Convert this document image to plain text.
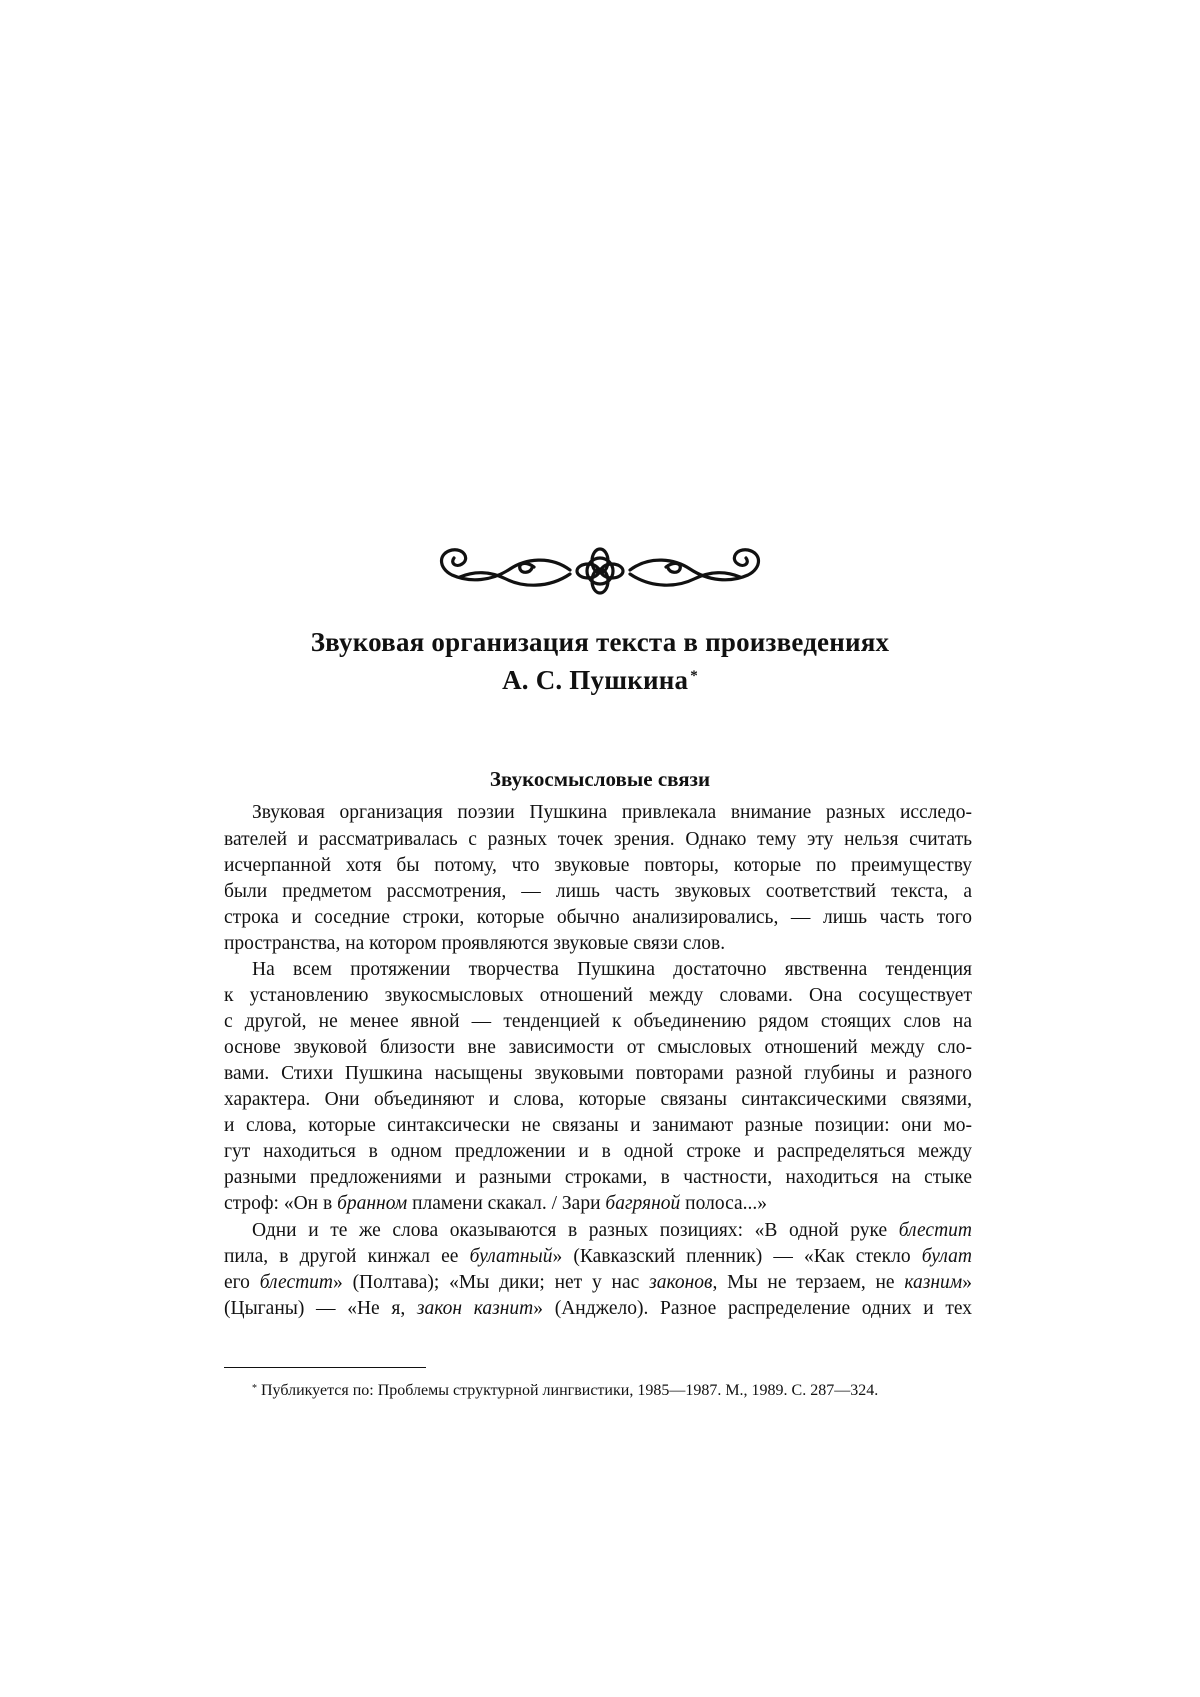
Звуковая организация текста в произведениях
А. С. Пушкина *
Звукосмысловые связи
Звуковая организация поэзии Пушкина привлекала внимание разных исследо-
вателей и рассматривалась с разных точек зрения. Однако тему эту нельзя считать
исчерпанной хотя бы потому, что звуковые повторы, которые по преимуществу
были предметом рассмотрения, — лишь часть звуковых соответствий текста, а
строка и соседние строки, которые обычно анализировались, — лишь часть того
пространства, на котором проявляются звуковые связи слов.
На всем протяжении творчества Пушкина достаточно явственна тенденция
к установлению звукосмысловых отношений между словами. Она сосуществует
с другой, не менее явной — тенденцией к объединению рядом стоящих слов на
основе звуковой близости вне зависимости от смысловых отношений между сло-
вами. Стихи Пушкина насыщены звуковыми повторами разной глубины и разного
характера. Они объединяют и слова, которые связаны синтаксическими связями,
и слова, которые синтаксически не связаны и занимают разные позиции: они мо-
гут находиться в одном предложении и в одной строке и распределяться между
разными предложениями и разными строками, в частности, находиться на стыке
строф: «Он в бранном пламени скакал. / Зари багряной полоса...»
Одни и те же слова оказываются в разных позициях: «В одной руке блестит
пила, в другой кинжал ее булатный» (Кавказский пленник) — «Как стекло булат
его блестит» (Полтава); «Мы дики; нет у нас законов, Мы не терзаем, не казним»
(Цыганы) — «Не я, закон казнит» (Анджело). Разное распределение одних и тех
* Публикуется по: Проблемы структурной лингвистики, 1985—1987. М., 1989. С. 287—324.
